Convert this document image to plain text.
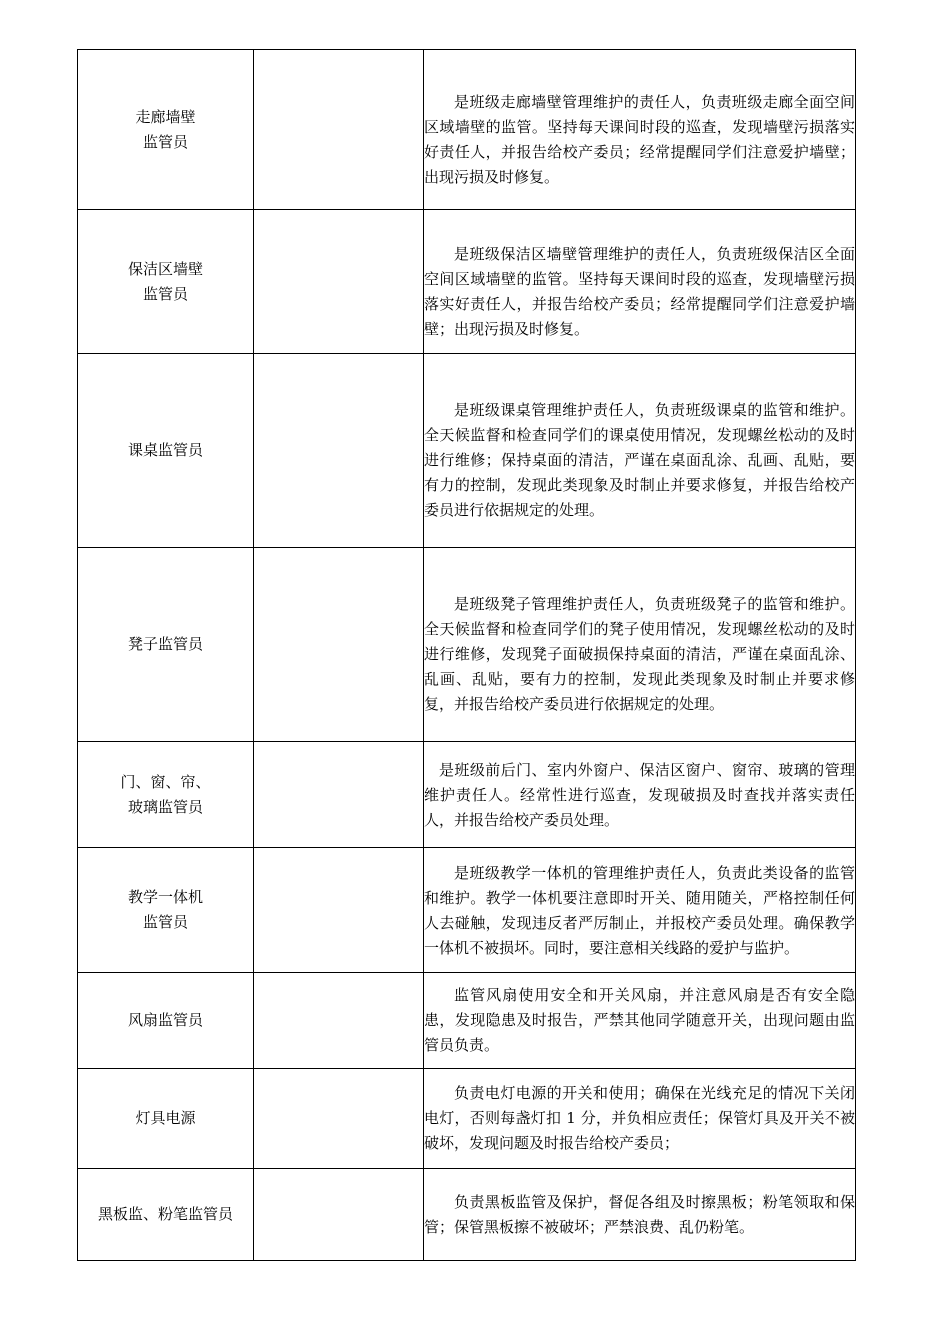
走廊墙壁
监管员		是班级走廊墙壁管理维护的责任人，负责班级走廊全面空间区域墙壁的监管。坚持每天课间时段的巡查，发现墙壁污损落实好责任人，并报告给校产委员；经常提醒同学们注意爱护墙壁；出现污损及时修复。

保洁区墙壁
监管员		是班级保洁区墙壁管理维护的责任人，负责班级保洁区全面空间区域墙壁的监管。坚持每天课间时段的巡查，发现墙壁污损落实好责任人，并报告给校产委员；经常提醒同学们注意爱护墙壁；出现污损及时修复。

课桌监管员		是班级课桌管理维护责任人，负责班级课桌的监管和维护。全天候监督和检查同学们的课桌使用情况，发现螺丝松动的及时进行维修；保持桌面的清洁，严谨在桌面乱涂、乱画、乱贴，要有力的控制，发现此类现象及时制止并要求修复，并报告给校产委员进行依据规定的处理。

凳子监管员		是班级凳子管理维护责任人，负责班级凳子的监管和维护。全天候监督和检查同学们的凳子使用情况，发现螺丝松动的及时进行维修，发现凳子面破损保持桌面的清洁，严谨在桌面乱涂、乱画、乱贴，要有力的控制，发现此类现象及时制止并要求修复，并报告给校产委员进行依据规定的处理。

门、窗、帘、
玻璃监管员		是班级前后门、室内外窗户、保洁区窗户、窗帘、玻璃的管理维护责任人。经常性进行巡查，发现破损及时查找并落实责任人，并报告给校产委员处理。

教学一体机
监管员		是班级教学一体机的管理维护责任人，负责此类设备的监管和维护。教学一体机要注意即时开关、随用随关，严格控制任何人去碰触，发现违反者严厉制止，并报校产委员处理。确保教学一体机不被损坏。同时，要注意相关线路的爱护与监护。

风扇监管员		监管风扇使用安全和开关风扇，并注意风扇是否有安全隐患，发现隐患及时报告，严禁其他同学随意开关，出现问题由监管员负责。

灯具电源		负责电灯电源的开关和使用；确保在光线充足的情况下关闭电灯，否则每盏灯扣 1 分，并负相应责任；保管灯具及开关不被破坏，发现问题及时报告给校产委员；

黑板监、粉笔监管员		负责黑板监管及保护，督促各组及时擦黑板；粉笔领取和保管；保管黑板擦不被破坏；严禁浪费、乱仍粉笔。
